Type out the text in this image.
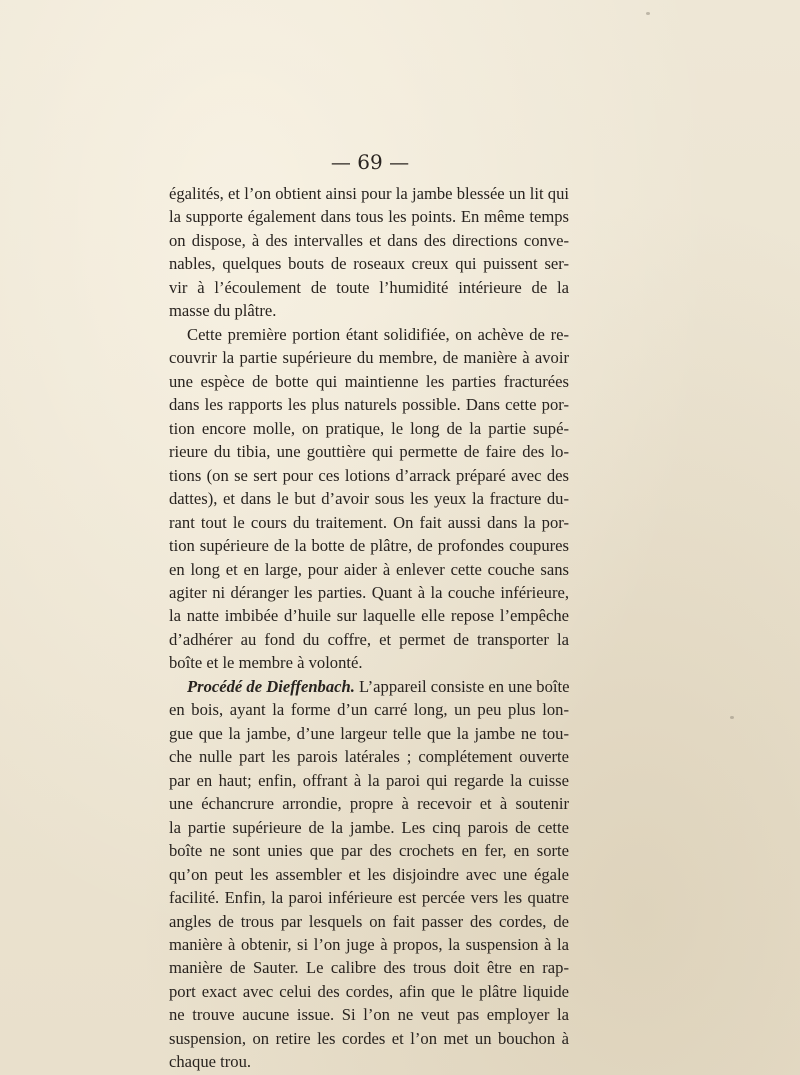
— 69 —
égalités, et l’on obtient ainsi pour la jambe blessée un lit qui
la supporte également dans tous les points. En même temps
on dispose, à des intervalles et dans des directions conve-
nables, quelques bouts de roseaux creux qui puissent ser-
vir à l’écoulement de toute l’humidité intérieure de la
masse du plâtre.
Cette première portion étant solidifiée, on achève de re-
couvrir la partie supérieure du membre, de manière à avoir
une espèce de botte qui maintienne les parties fracturées
dans les rapports les plus naturels possible. Dans cette por-
tion encore molle, on pratique, le long de la partie supé-
rieure du tibia, une gouttière qui permette de faire des lo-
tions (on se sert pour ces lotions d’arrack préparé avec des
dattes), et dans le but d’avoir sous les yeux la fracture du-
rant tout le cours du traitement. On fait aussi dans la por-
tion supérieure de la botte de plâtre, de profondes coupures
en long et en large, pour aider à enlever cette couche sans
agiter ni déranger les parties. Quant à la couche inférieure,
la natte imbibée d’huile sur laquelle elle repose l’empêche
d’adhérer au fond du coffre, et permet de transporter la
boîte et le membre à volonté.
Procédé de Dieffenbach. L’appareil consiste en une boîte
en bois, ayant la forme d’un carré long, un peu plus lon-
gue que la jambe, d’une largeur telle que la jambe ne tou-
che nulle part les parois latérales ; complétement ouverte
par en haut; enfin, offrant à la paroi qui regarde la cuisse
une échancrure arrondie, propre à recevoir et à soutenir
la partie supérieure de la jambe. Les cinq parois de cette
boîte ne sont unies que par des crochets en fer, en sorte
qu’on peut les assembler et les disjoindre avec une égale
facilité. Enfin, la paroi inférieure est percée vers les quatre
angles de trous par lesquels on fait passer des cordes, de
manière à obtenir, si l’on juge à propos, la suspension à la
manière de Sauter. Le calibre des trous doit être en rap-
port exact avec celui des cordes, afin que le plâtre liquide
ne trouve aucune issue. Si l’on ne veut pas employer la
suspension, on retire les cordes et l’on met un bouchon à
chaque trou.
